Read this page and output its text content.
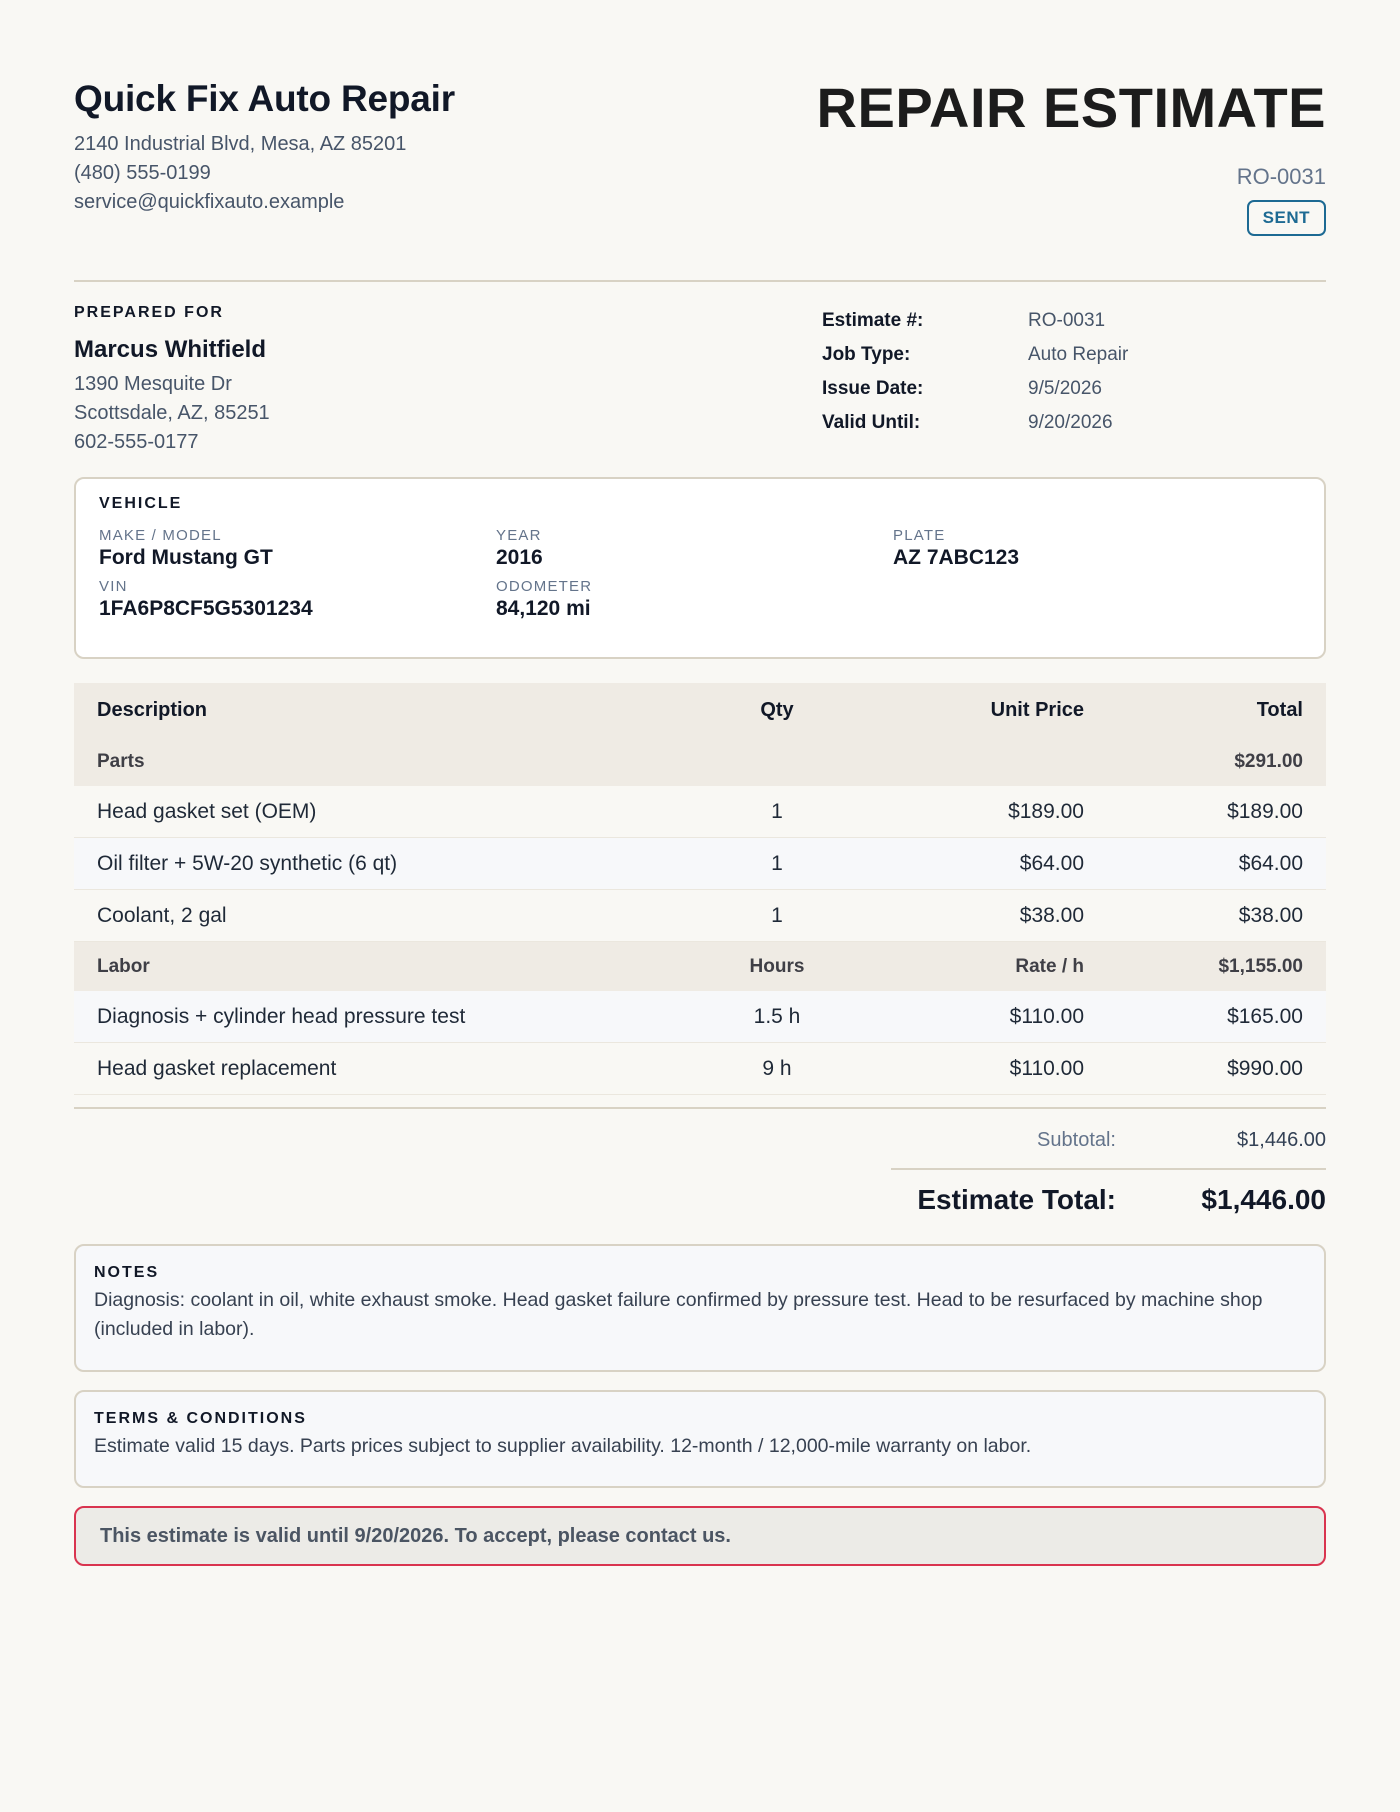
Quick Fix Auto Repair
2140 Industrial Blvd, Mesa, AZ 85201
(480) 555-0199
service@quickfixauto.example
REPAIR ESTIMATE
RO-0031
SENT
PREPARED FOR
Marcus Whitfield
1390 Mesquite Dr
Scottsdale, AZ, 85251
602-555-0177
Estimate #:	RO-0031
Job Type:	Auto Repair
Issue Date:	9/5/2026
Valid Until:	9/20/2026
VEHICLE
MAKE / MODEL
Ford Mustang GT
YEAR
2016
PLATE
AZ 7ABC123
VIN
1FA6P8CF5G5301234
ODOMETER
84,120 mi
Description	Qty	Unit Price	Total
Parts			$291.00
Head gasket set (OEM)	1	$189.00	$189.00
Oil filter + 5W-20 synthetic (6 qt)	1	$64.00	$64.00
Coolant, 2 gal	1	$38.00	$38.00
Labor	Hours	Rate / h	$1,155.00
Diagnosis + cylinder head pressure test	1.5 h	$110.00	$165.00
Head gasket replacement	9 h	$110.00	$990.00
Subtotal:	$1,446.00
Estimate Total:	$1,446.00
NOTES
Diagnosis: coolant in oil, white exhaust smoke. Head gasket failure confirmed by pressure test. Head to be resurfaced by machine shop (included in labor).
TERMS & CONDITIONS
Estimate valid 15 days. Parts prices subject to supplier availability. 12-month / 12,000-mile warranty on labor.
This estimate is valid until 9/20/2026. To accept, please contact us.
